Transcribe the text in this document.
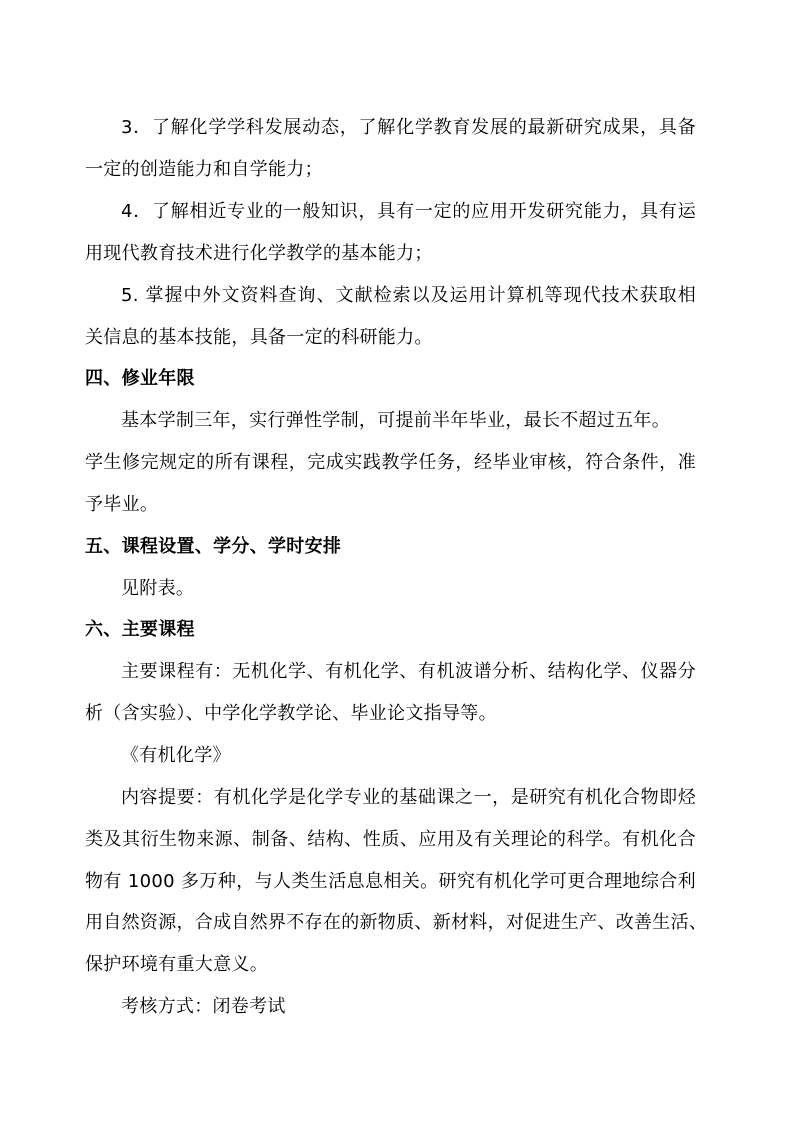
3．了解化学学科发展动态，了解化学教育发展的最新研究成果，具备

一定的创造能力和自学能力；

4．了解相近专业的一般知识，具有一定的应用开发研究能力，具有运

用现代教育技术进行化学教学的基本能力；

5. 掌握中外文资料查询、文献检索以及运用计算机等现代技术获取相

关信息的基本技能，具备一定的科研能力。

四、修业年限

基本学制三年，实行弹性学制，可提前半年毕业，最长不超过五年。

学生修完规定的所有课程，完成实践教学任务，经毕业审核，符合条件，准

予毕业。

五、课程设置、学分、学时安排

见附表。

六、主要课程

主要课程有：无机化学、有机化学、有机波谱分析、结构化学、仪器分

析（含实验）、中学化学教学论、毕业论文指导等。

《有机化学》

内容提要：有机化学是化学专业的基础课之一，是研究有机化合物即烃

类及其衍生物来源、制备、结构、性质、应用及有关理论的科学。有机化合

物有 1000 多万种，与人类生活息息相关。研究有机化学可更合理地综合利

用自然资源，合成自然界不存在的新物质、新材料，对促进生产、改善生活、

保护环境有重大意义。

考核方式：闭卷考试
